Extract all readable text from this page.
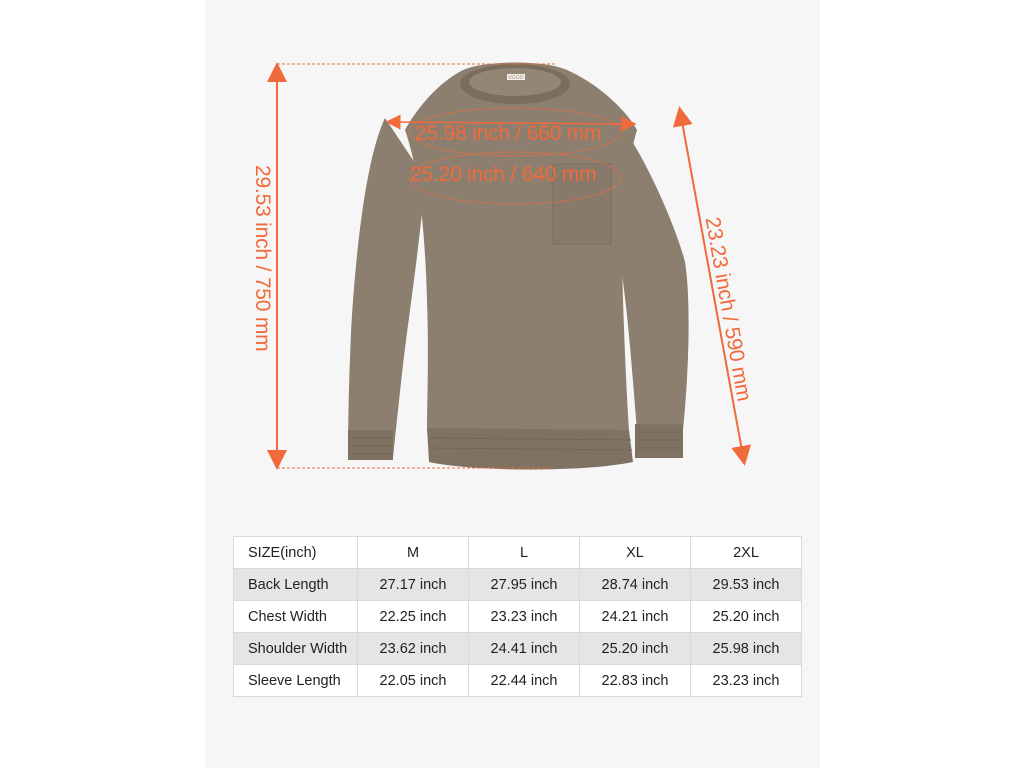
VGOO
29.53 inch / 750 mm
25.98 inch / 660 mm
25.20 inch / 640 mm
23.23 inch / 590 mm
SIZE(inch)	M	L	XL	2XL
Back Length	27.17 inch	27.95 inch	28.74 inch	29.53 inch
Chest Width	22.25 inch	23.23 inch	24.21 inch	25.20 inch
Shoulder Width	23.62 inch	24.41 inch	25.20 inch	25.98 inch
Sleeve Length	22.05 inch	22.44 inch	22.83 inch	23.23 inch
